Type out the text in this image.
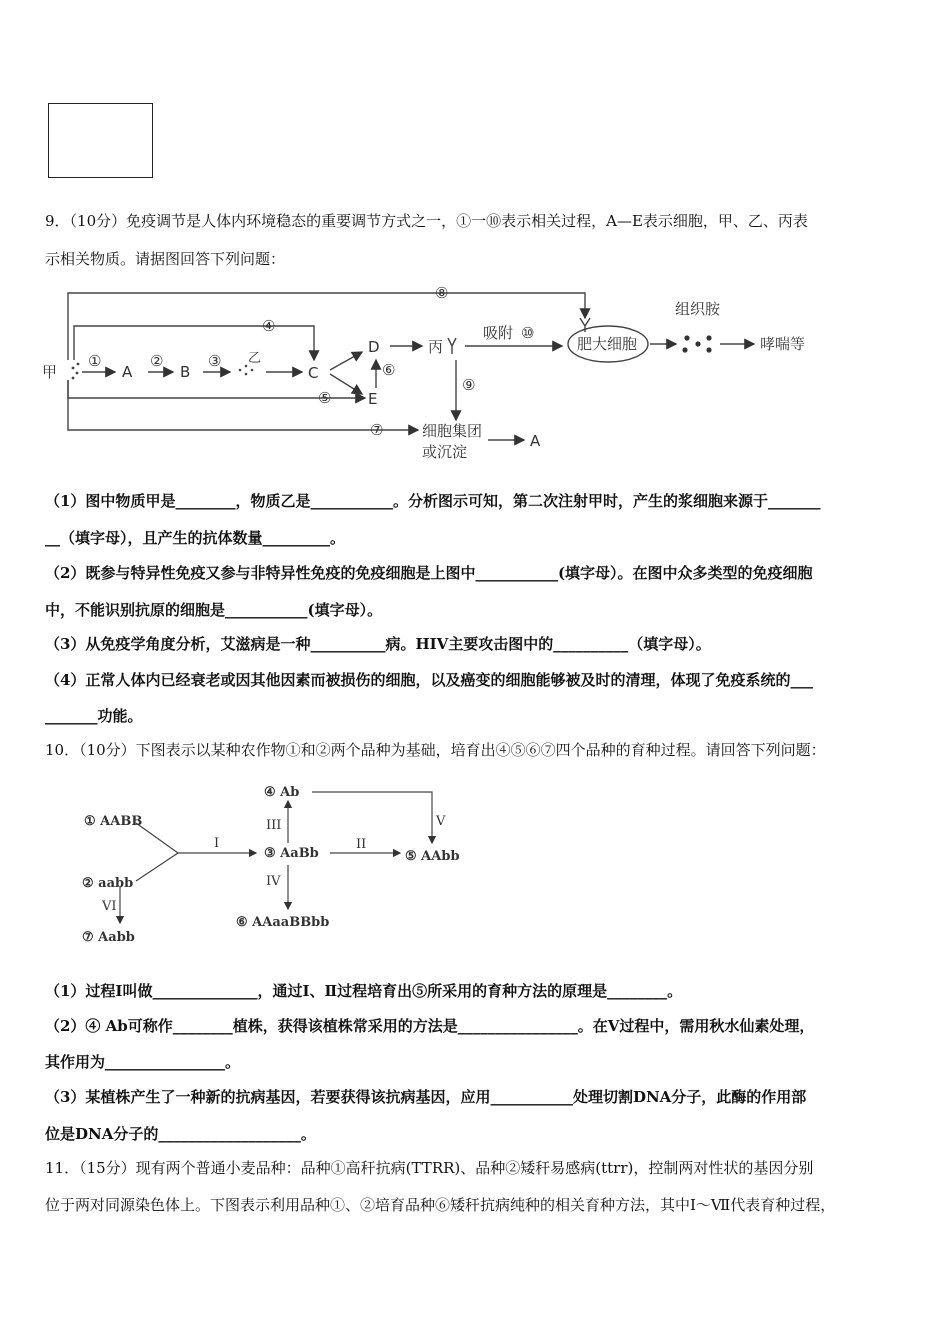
9．（10分）免疫调节是人体内环境稳态的重要调节方式之一，①一⑩表示相关过程，A—E表示细胞，甲、乙、丙表
示相关物质。请据图回答下列问题：
甲	A	B
乙
C
D
E
丙
吸附 ⑩
肥大细胞
组织胺
哮喘等
①	②	③
④
⑤
⑥
⑦
⑧
⑨
细胞集团
或沉淀
A
（1）图中物质甲是________，物质乙是___________。分析图示可知，第二次注射甲时，产生的浆细胞来源于_______
__（填字母），且产生的抗体数量_________。
（2）既参与特异性免疫又参与非特异性免疫的免疫细胞是上图中___________(填字母）。在图中众多类型的免疫细胞
中，不能识别抗原的细胞是___________(填字母）。
（3）从免疫学角度分析，艾滋病是一种__________病。HIV主要攻击图中的__________（填字母）。
（4）正常人体内已经衰老或因其他因素而被损伤的细胞，以及癌变的细胞能够被及时的清理，体现了免疫系统的___
_______功能。
10．（10分）下图表示以某种农作物①和②两个品种为基础，培育出④⑤⑥⑦四个品种的育种过程。请回答下列问题：
① AABB
② aabb
③ AaBb
④ Ab
⑤ AAbb
⑥ AAaaBBbb
⑦ Aabb
I	II
III
IV
V
VI
（1）过程I叫做______________，通过I、Ⅱ过程培育出⑤所采用的育种方法的原理是________。
（2）④ Ab可称作________植株，获得该植株常采用的方法是________________。在V过程中，需用秋水仙素处理，
其作用为________________。
（3）某植株产生了一种新的抗病基因，若要获得该抗病基因，应用___________处理切割DNA分子，此酶的作用部
位是DNA分子的___________________。
11．（15分）现有两个普通小麦品种：品种①高秆抗病(TTRR)、品种②矮秆易感病(ttrr)，控制两对性状的基因分别
位于两对同源染色体上。下图表示利用品种①、②培育品种⑥矮秆抗病纯种的相关育种方法，其中Ⅰ～Ⅶ代表育种过程，
